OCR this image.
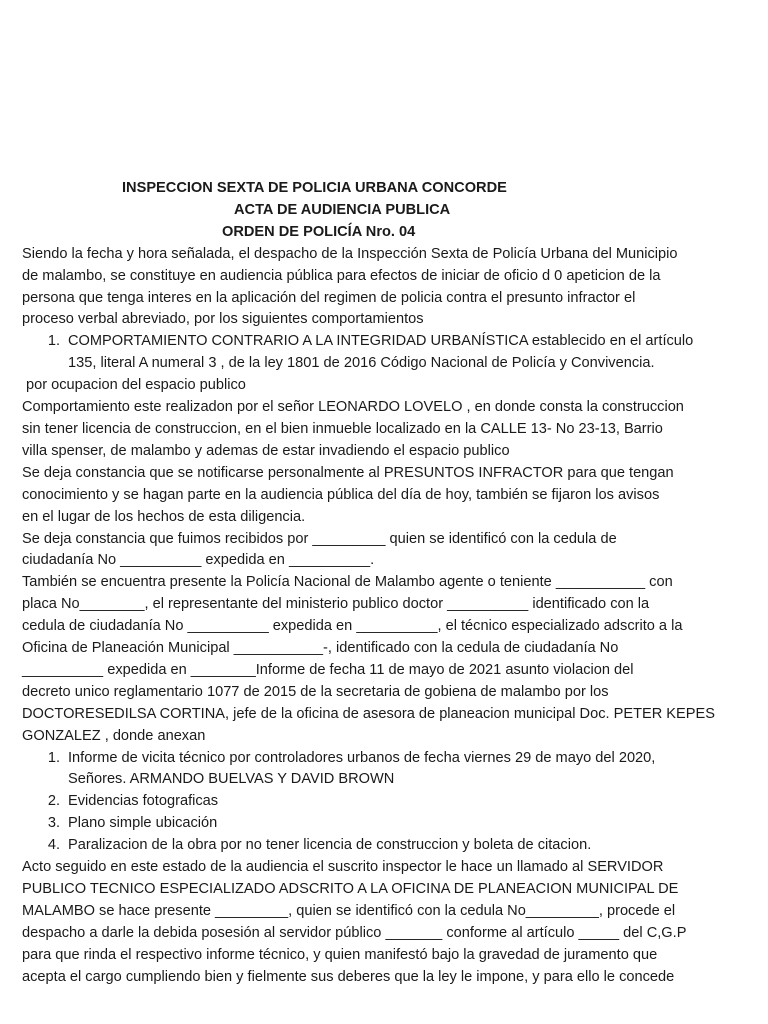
INSPECCION SEXTA DE POLICIA URBANA CONCORDE
ACTA DE AUDIENCIA PUBLICA
ORDEN DE POLICÍA Nro. 04
Siendo la fecha y hora señalada, el despacho de la Inspección Sexta de Policía Urbana del Municipio
de malambo, se constituye en audiencia pública para efectos de iniciar de oficio d 0 apeticion de la
persona que tenga interes en la aplicación del regimen de policia contra el presunto infractor el
proceso verbal abreviado, por los siguientes comportamientos
1. COMPORTAMIENTO CONTRARIO A LA INTEGRIDAD URBANÍSTICA establecido en el artículo
135, literal A numeral 3 , de la ley 1801 de 2016 Código Nacional de Policía y Convivencia.
por ocupacion del espacio publico
Comportamiento este realizadon por el señor LEONARDO LOVELO , en donde consta la construccion
sin tener licencia de construccion, en el bien inmueble localizado en la CALLE 13- No 23-13, Barrio
villa spenser, de malambo y ademas de estar invadiendo el espacio publico
Se deja constancia que se notificarse personalmente al PRESUNTOS INFRACTOR para que tengan
conocimiento y se hagan parte en la audiencia pública del día de hoy, también se fijaron los avisos
en el lugar de los hechos de esta diligencia.
Se deja constancia que fuimos recibidos por _________ quien se identificó con la cedula de
ciudadanía No __________ expedida en __________.
También se encuentra presente la Policía Nacional de Malambo agente o teniente ___________ con
placa No________, el representante del ministerio publico doctor __________ identificado con la
cedula de ciudadanía No __________ expedida en __________, el técnico especializado adscrito a la
Oficina de Planeación Municipal ___________-, identificado con la cedula de ciudadanía No
__________ expedida en ________Informe de fecha 11 de mayo de 2021 asunto violacion del
decreto unico reglamentario 1077 de 2015 de la secretaria de gobiena de malambo por los
DOCTORESEDILSA CORTINA, jefe de la oficina de asesora de planeacion municipal Doc. PETER KEPES
GONZALEZ , donde anexan
1. Informe de vicita técnico por controladores urbanos de fecha viernes 29 de mayo del 2020,
Señores. ARMANDO BUELVAS Y DAVID BROWN
2. Evidencias fotograficas
3. Plano simple ubicación
4. Paralizacion de la obra por no tener licencia de construccion y boleta de citacion.
Acto seguido en este estado de la audiencia el suscrito inspector le hace un llamado al SERVIDOR
PUBLICO TECNICO ESPECIALIZADO ADSCRITO A LA OFICINA DE PLANEACION MUNICIPAL DE
MALAMBO se hace presente _________, quien se identificó con la cedula No_________, procede el
despacho a darle la debida posesión al servidor público _______ conforme al artículo _____ del C,G.P
para que rinda el respectivo informe técnico, y quien manifestó bajo la gravedad de juramento que
acepta el cargo cumpliendo bien y fielmente sus deberes que la ley le impone, y para ello le concede
